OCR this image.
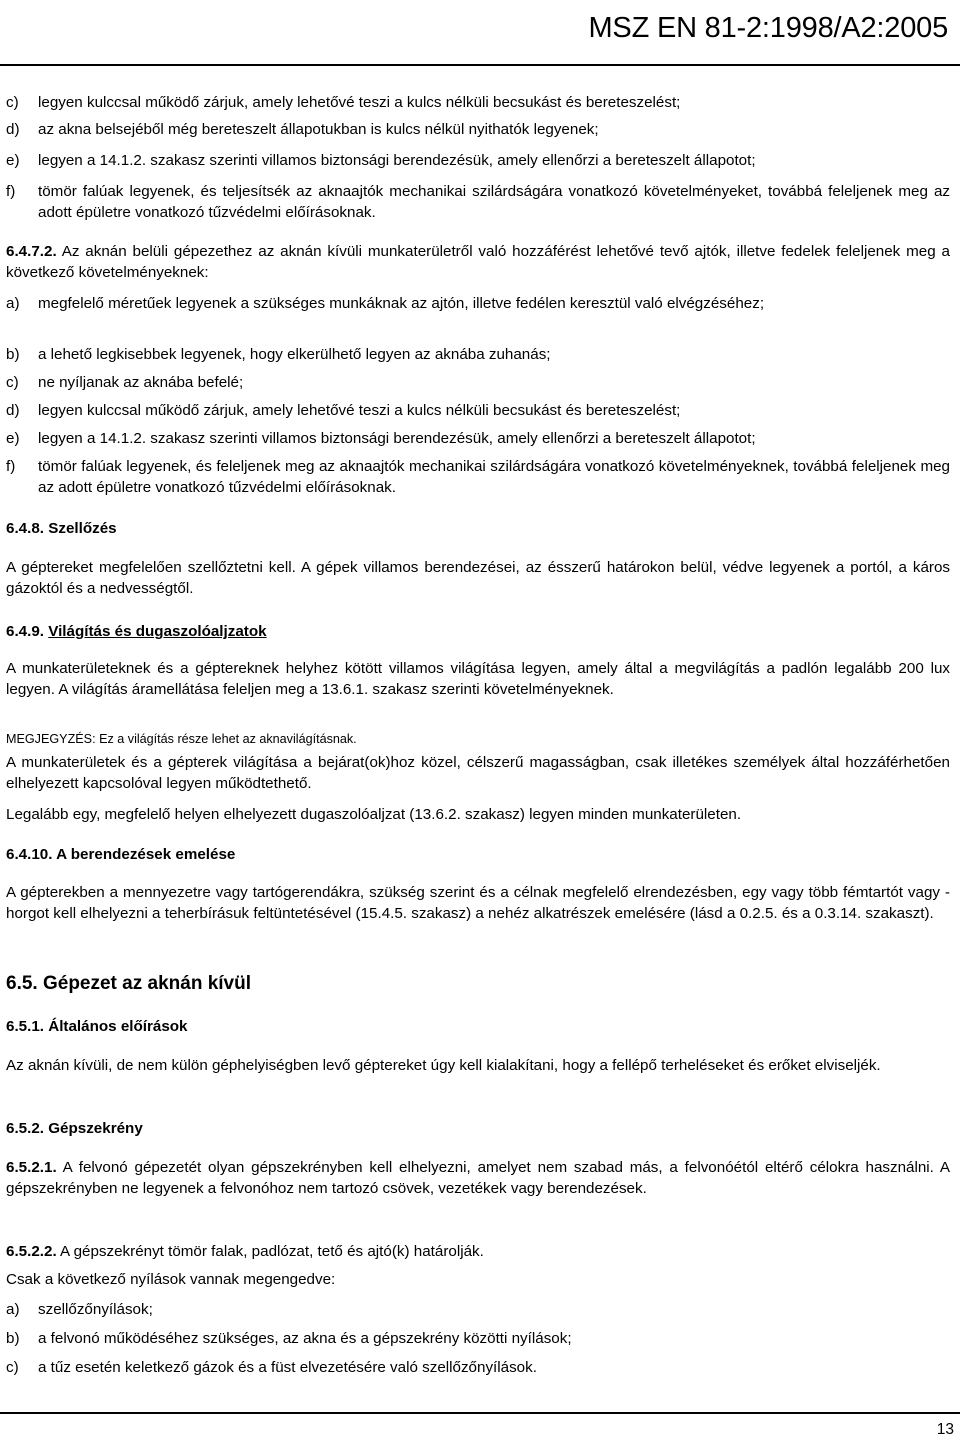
MSZ EN 81-2:1998/A2:2005
c) legyen kulccsal működő zárjuk, amely lehetővé teszi a kulcs nélküli becsukást és bereteszelést;
d) az akna belsejéből még bereteszelt állapotukban is kulcs nélkül nyithatók legyenek;
e) legyen a 14.1.2. szakasz szerinti villamos biztonsági berendezésük, amely ellenőrzi a bereteszelt állapotot;
f) tömör falúak legyenek, és teljesítsék az aknaajtók mechanikai szilárdságára vonatkozó követelményeket, továbbá feleljenek meg az adott épületre vonatkozó tűzvédelmi előírásoknak.
6.4.7.2. Az aknán belüli gépezethez az aknán kívüli munkaterületről való hozzáférést lehetővé tevő ajtók, illetve fedelek feleljenek meg a következő követelményeknek:
a) megfelelő méretűek legyenek a szükséges munkáknak az ajtón, illetve fedélen keresztül való elvégzéséhez;
b) a lehető legkisebbek legyenek, hogy elkerülhető legyen az aknába zuhanás;
c) ne nyíljanak az aknába befelé;
d) legyen kulccsal működő zárjuk, amely lehetővé teszi a kulcs nélküli becsukást és bereteszelést;
e) legyen a 14.1.2. szakasz szerinti villamos biztonsági berendezésük, amely ellenőrzi a bereteszelt állapotot;
f) tömör falúak legyenek, és feleljenek meg az aknaajtók mechanikai szilárdságára vonatkozó követelményeknek, továbbá feleljenek meg az adott épületre vonatkozó tűzvédelmi előírásoknak.
6.4.8. Szellőzés
A géptereket megfelelően szellőztetni kell. A gépek villamos berendezései, az ésszerű határokon belül, védve legyenek a portól, a káros gázoktól és a nedvességtől.
6.4.9. Világítás és dugaszolóaljzatok
A munkaterületeknek és a géptereknek helyhez kötött villamos világítása legyen, amely által a megvilágítás a padlón legalább 200 lux legyen. A világítás áramellátása feleljen meg a 13.6.1. szakasz szerinti követelményeknek.
MEGJEGYZÉS: Ez a világítás része lehet az aknavilágításnak.
A munkaterületek és a gépterek világítása a bejárat(ok)hoz közel, célszerű magasságban, csak illetékes személyek által hozzáférhetően elhelyezett kapcsolóval legyen működtethető.
Legalább egy, megfelelő helyen elhelyezett dugaszolóaljzat (13.6.2. szakasz) legyen minden munkaterületen.
6.4.10. A berendezések emelése
A gépterekben a mennyezetre vagy tartógerendákra, szükség szerint és a célnak megfelelő elrendezésben, egy vagy több fémtartót vagy -horgot kell elhelyezni a teherbírásuk feltüntetésével (15.4.5. szakasz) a nehéz alkatrészek emelésére (lásd a 0.2.5. és a 0.3.14. szakaszt).
6.5. Gépezet az aknán kívül
6.5.1. Általános előírások
Az aknán kívüli, de nem külön géphelyiségben levő géptereket úgy kell kialakítani, hogy a fellépő terheléseket és erőket elviseljék.
6.5.2. Gépszekrény
6.5.2.1. A felvonó gépezetét olyan gépszekrényben kell elhelyezni, amelyet nem szabad más, a felvonóétól eltérő célokra használni. A gépszekrényben ne legyenek a felvonóhoz nem tartozó csövek, vezetékek vagy berendezések.
6.5.2.2. A gépszekrényt tömör falak, padlózat, tető és ajtó(k) határolják.
Csak a következő nyílások vannak megengedve:
a) szellőzőnyílások;
b) a felvonó működéséhez szükséges, az akna és a gépszekrény közötti nyílások;
c) a tűz esetén keletkező gázok és a füst elvezetésére való szellőzőnyílások.
13
